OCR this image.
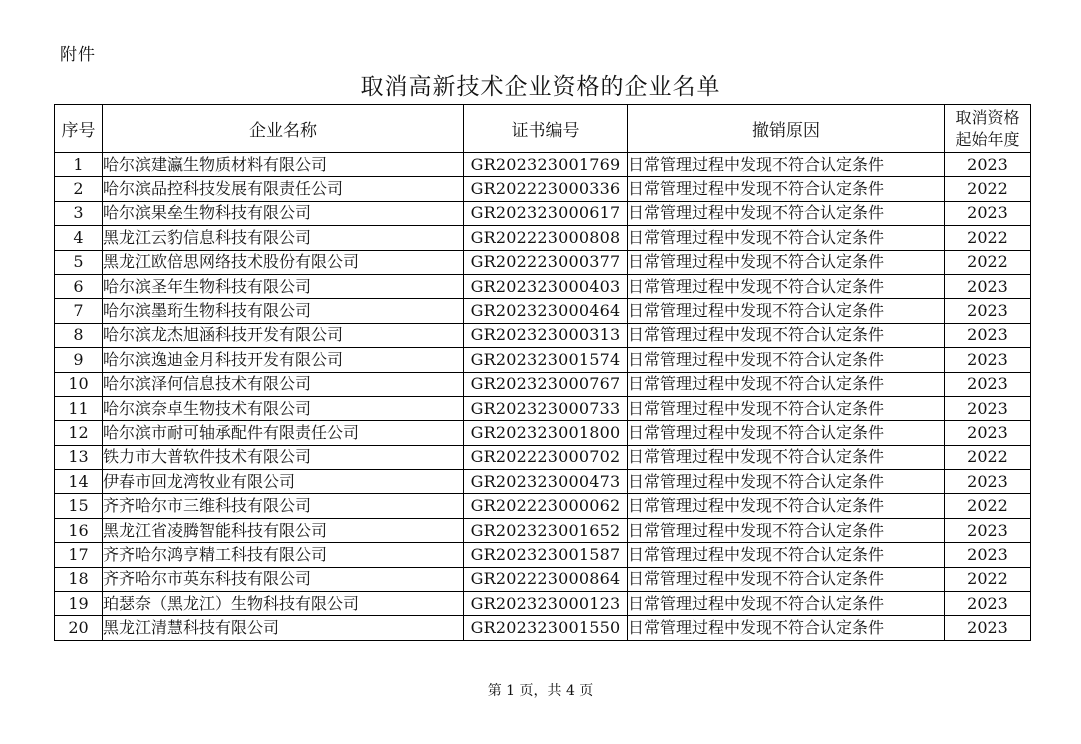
附件
取消高新技术企业资格的企业名单
序号	企业名称	证书编号	撤销原因	取消资格
起始年度

1	哈尔滨建瀛生物质材料有限公司	GR202323001769	日常管理过程中发现不符合认定条件	2023
2	哈尔滨品控科技发展有限责任公司	GR202223000336	日常管理过程中发现不符合认定条件	2022
3	哈尔滨果垒生物科技有限公司	GR202323000617	日常管理过程中发现不符合认定条件	2023
4	黑龙江云豹信息科技有限公司	GR202223000808	日常管理过程中发现不符合认定条件	2022
5	黑龙江欧倍思网络技术股份有限公司	GR202223000377	日常管理过程中发现不符合认定条件	2022
6	哈尔滨圣年生物科技有限公司	GR202323000403	日常管理过程中发现不符合认定条件	2023
7	哈尔滨墨珩生物科技有限公司	GR202323000464	日常管理过程中发现不符合认定条件	2023
8	哈尔滨龙杰旭涵科技开发有限公司	GR202323000313	日常管理过程中发现不符合认定条件	2023
9	哈尔滨逸迪金月科技开发有限公司	GR202323001574	日常管理过程中发现不符合认定条件	2023
10	哈尔滨泽何信息技术有限公司	GR202323000767	日常管理过程中发现不符合认定条件	2023
11	哈尔滨奈卓生物技术有限公司	GR202323000733	日常管理过程中发现不符合认定条件	2023
12	哈尔滨市耐可轴承配件有限责任公司	GR202323001800	日常管理过程中发现不符合认定条件	2023
13	铁力市大普软件技术有限公司	GR202223000702	日常管理过程中发现不符合认定条件	2022
14	伊春市回龙湾牧业有限公司	GR202323000473	日常管理过程中发现不符合认定条件	2023
15	齐齐哈尔市三维科技有限公司	GR202223000062	日常管理过程中发现不符合认定条件	2022
16	黑龙江省凌腾智能科技有限公司	GR202323001652	日常管理过程中发现不符合认定条件	2023
17	齐齐哈尔鸿亨精工科技有限公司	GR202323001587	日常管理过程中发现不符合认定条件	2023
18	齐齐哈尔市英东科技有限公司	GR202223000864	日常管理过程中发现不符合认定条件	2022
19	珀瑟奈（黑龙江）生物科技有限公司	GR202323000123	日常管理过程中发现不符合认定条件	2023
20	黑龙江清慧科技有限公司	GR202323001550	日常管理过程中发现不符合认定条件	2023
第 1 页，共 4 页
